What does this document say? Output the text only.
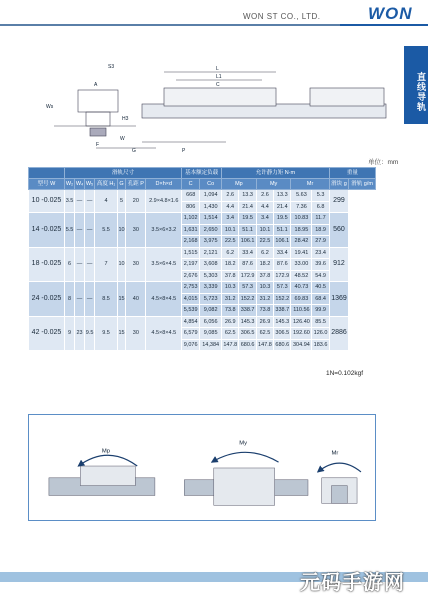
WON ST CO., LTD.	WON
直线导轨
S3	L
L1
C
A
Ws
H3
W
F
G	P
单位：mm
	滑轨尺寸							基本额定负载		允许静力矩 N·m						重量	
型号 W	W₂	W₄	W₅	高度 H₁	G	孔距 P	D×h×d	C	Co	Mp		My		Mr		滑块 g	滑轨 g/m
10 -0.025	3.5	—	—	4	5	20	2.9×4.8×1.6	668	1,094	2.6	13.3	2.6	13.3	5.63	5.3	299	
								806	1,430	4.4	21.4	4.4	21.4	7.36	6.8		
14 -0.025	5.5	—	—	5.5	10	30	3.5×6×3.2	1,102	1,514	3.4	19.5	3.4	19.5	10.83	11.7	560	
								1,631	2,650	10.1	51.1	10.1	51.1	18.95	18.9		
								2,168	3,975	22.5	106.1	22.5	106.1	28.42	27.9		
18 -0.025	6	—	—	7	10	30	3.5×6×4.5	1,515	2,121	6.2	33.4	6.2	33.4	19.41	23.4	912	
								2,197	3,608	18.2	87.6	18.2	87.6	33.00	39.6		
								2,676	5,303	37.8	172.9	37.8	172.9	48.52	54.9		
24 -0.025	8	—	—	8.5	15	40	4.5×8×4.5	2,753	3,339	10.3	57.3	10.3	57.3	40.73	40.5	1369	
								4,015	5,723	31.2	152.2	31.2	152.2	69.83	68.4		
								5,539	9,082	73.8	338.7	73.8	338.7	110.56	99.9		
42 -0.025	9	23	9.5	9.5	15	30	4.5×8×4.5	4,854	6,056	26.9	145.3	26.9	145.3	126.40	85.5	2886	
								6,579	9,085	62.5	306.5	62.5	306.5	192.60	126.0		
								9,076	14,384	147.8	680.6	147.8	680.6	304.94	183.6		
1N=0.102kgf
Mp
My
Mr
元码手游网
